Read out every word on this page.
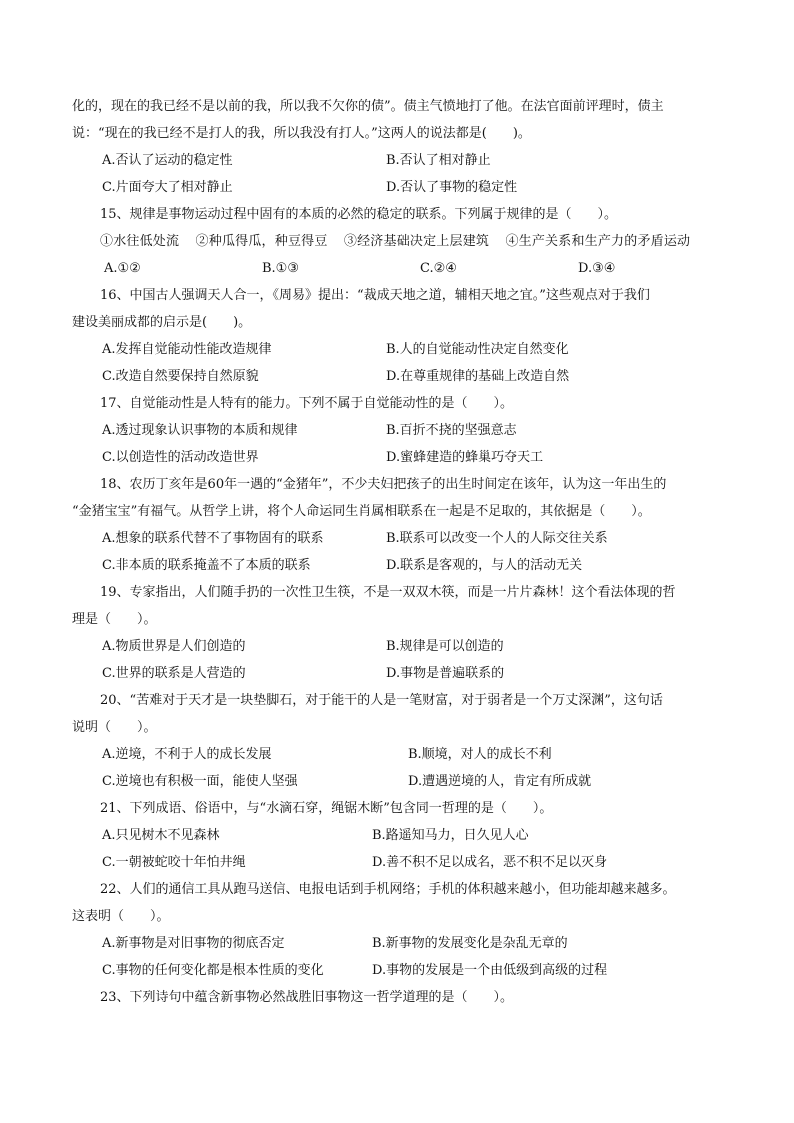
化的，现在的我已经不是以前的我，所以我不欠你的债”。债主气愤地打了他。在法官面前评理时，债主
说：“现在的我已经不是打人的我，所以我没有打人。”这两人的说法都是(　　)。
A.否认了运动的稳定性	B.否认了相对静止
C.片面夸大了相对静止	D.否认了事物的稳定性
15、规律是事物运动过程中固有的本质的必然的稳定的联系。下列属于规律的是（　　）。
①水往低处流 ②种瓜得瓜，种豆得豆 ③经济基础决定上层建筑 ④生产关系和生产力的矛盾运动
A.①②	B.①③	C.②④	D.③④
16、中国古人强调天人合一，《周易》提出：“裁成天地之道，辅相天地之宜。”这些观点对于我们
建设美丽成都的启示是(　　)。
A.发挥自觉能动性能改造规律	B.人的自觉能动性决定自然变化
C.改造自然要保持自然原貌	D.在尊重规律的基础上改造自然
17、自觉能动性是人特有的能力。下列不属于自觉能动性的是（　　）。
A.透过现象认识事物的本质和规律	B.百折不挠的坚强意志
C.以创造性的活动改造世界	D.蜜蜂建造的蜂巢巧夺天工
18、农历丁亥年是60年一遇的“金猪年”，不少夫妇把孩子的出生时间定在该年，认为这一年出生的
“金猪宝宝”有福气。从哲学上讲，将个人命运同生肖属相联系在一起是不足取的，其依据是（　　）。
A.想象的联系代替不了事物固有的联系	B.联系可以改变一个人的人际交往关系
C.非本质的联系掩盖不了本质的联系	D.联系是客观的，与人的活动无关
19、专家指出，人们随手扔的一次性卫生筷，不是一双双木筷，而是一片片森林！这个看法体现的哲
理是（　　）。
A.物质世界是人们创造的	B.规律是可以创造的
C.世界的联系是人营造的	D.事物是普遍联系的
20、“苦难对于天才是一块垫脚石，对于能干的人是一笔财富，对于弱者是一个万丈深渊”，这句话
说明（　　）。
A.逆境，不利于人的成长发展	B.顺境，对人的成长不利
C.逆境也有积极一面，能使人坚强	D.遭遇逆境的人，肯定有所成就
21、下列成语、俗语中，与“水滴石穿，绳锯木断”包含同一哲理的是（　　）。
A.只见树木不见森林	B.路遥知马力，日久见人心
C.一朝被蛇咬十年怕井绳	D.善不积不足以成名，恶不积不足以灭身
22、人们的通信工具从跑马送信、电报电话到手机网络；手机的体积越来越小，但功能却越来越多。
这表明（　　）。
A.新事物是对旧事物的彻底否定	B.新事物的发展变化是杂乱无章的
C.事物的任何变化都是根本性质的变化	D.事物的发展是一个由低级到高级的过程
23、下列诗句中蕴含新事物必然战胜旧事物这一哲学道理的是（　　）。
